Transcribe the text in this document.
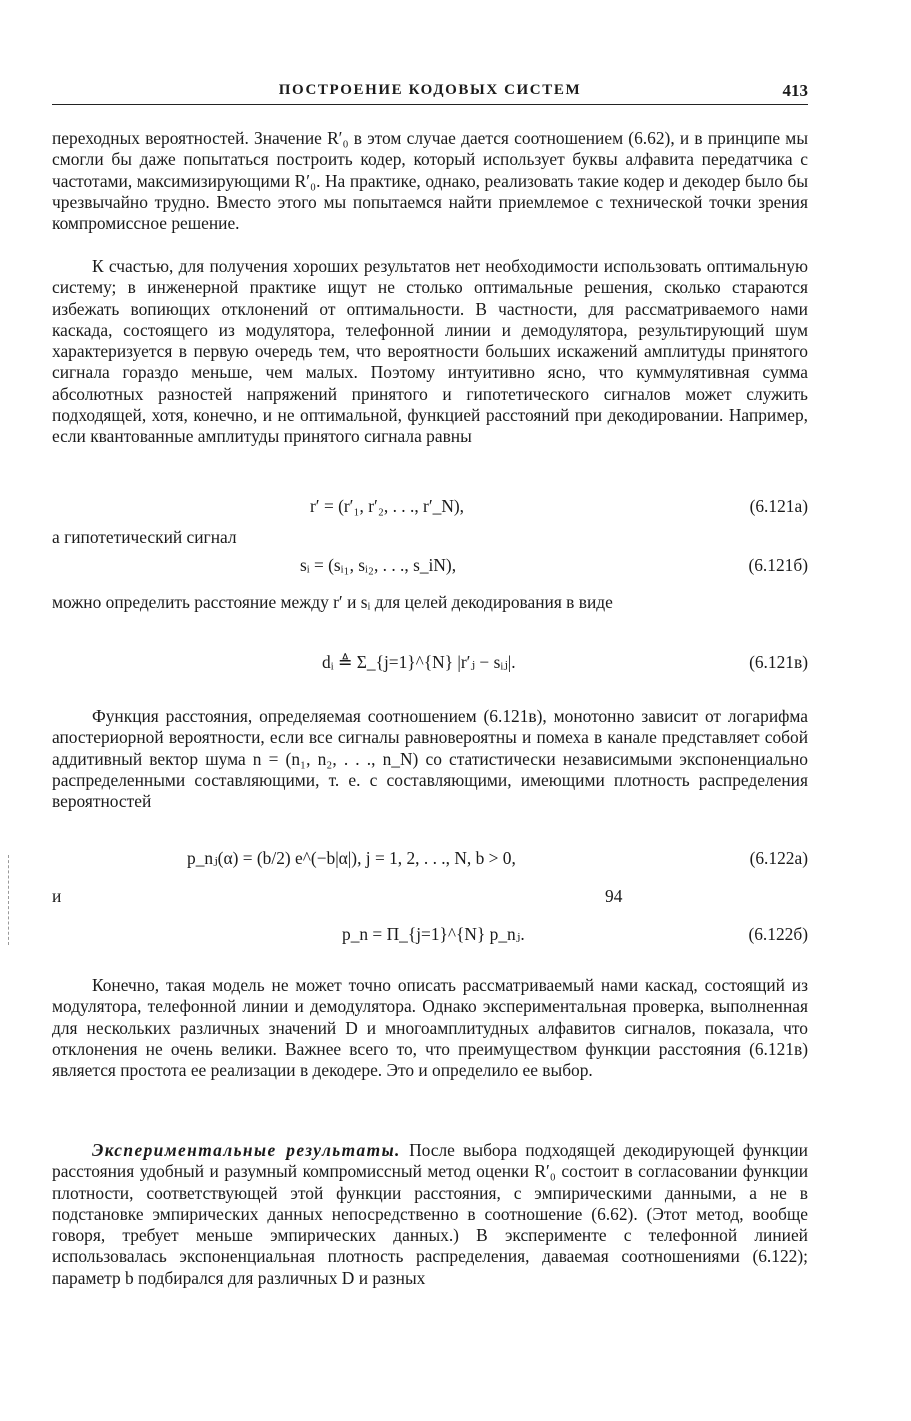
ПОСТРОЕНИЕ КОДОВЫХ СИСТЕМ	413

переходных вероятностей. Значение R′₀ в этом случае дается соотношением (6.62), и в принципе мы смогли бы даже попытаться построить кодер, который использует буквы алфавита передатчика с частотами, максимизирующими R′₀. На практике, однако, реализовать такие кодер и декодер было бы чрезвычайно трудно. Вместо этого мы попытаемся найти приемлемое с технической точки зрения компромиссное решение.

К счастью, для получения хороших результатов нет необходимости использовать оптимальную систему; в инженерной практике ищут не столько оптимальные решения, сколько стараются избежать вопиющих отклонений от оптимальности. В частности, для рассматриваемого нами каскада, состоящего из модулятора, телефонной линии и демодулятора, результирующий шум характеризуется в первую очередь тем, что вероятности больших искажений амплитуды принятого сигнала гораздо меньше, чем малых. Поэтому интуитивно ясно, что куммулятивная сумма абсолютных разностей напряжений принятого и гипотетического сигналов может служить подходящей, хотя, конечно, и не оптимальной, функцией расстояний при декодировании. Например, если квантованные амплитуды принятого сигнала равны

r′ = (r′₁, r′₂, . . ., r′_N),	(6.121а)
а гипотетический сигнал
sᵢ = (sᵢ₁, sᵢ₂, . . ., s_iN),	(6.121б)

можно определить расстояние между r′ и sᵢ для целей декодирования в виде

dᵢ ≜ Σ_{j=1}^{N} |r′ⱼ − sᵢⱼ|.	(6.121в)

Функция расстояния, определяемая соотношением (6.121в), монотонно зависит от логарифма апостериорной вероятности, если все сигналы равновероятны и помеха в канале представляет собой аддитивный вектор шума n = (n₁, n₂, . . ., n_N) со статистически независимыми экспоненциально распределенными составляющими, т. е. с составляющими, имеющими плотность распределения вероятностей

p_nⱼ(α) = (b/2) e^(−b|α|), j = 1, 2, . . ., N, b > 0,	(6.122а)
и	94
p_n = Π_{j=1}^{N} p_nⱼ.	(6.122б)

Конечно, такая модель не может точно описать рассматриваемый нами каскад, состоящий из модулятора, телефонной линии и демодулятора. Однако экспериментальная проверка, выполненная для нескольких различных значений D и многоамплитудных алфавитов сигналов, показала, что отклонения не очень велики. Важнее всего то, что преимуществом функции расстояния (6.121в) является простота ее реализации в декодере. Это и определило ее выбор.

Экспериментальные результаты. После выбора подходящей декодирующей функции расстояния удобный и разумный компромиссный метод оценки R′₀ состоит в согласовании функции плотности, соответствующей этой функции расстояния, с эмпирическими данными, а не в подстановке эмпирических данных непосредственно в соотношение (6.62). (Этот метод, вообще говоря, требует меньше эмпирических данных.) В эксперименте с телефонной линией использовалась экспоненциальная плотность распределения, даваемая соотношениями (6.122); параметр b подбирался для различных D и разных
